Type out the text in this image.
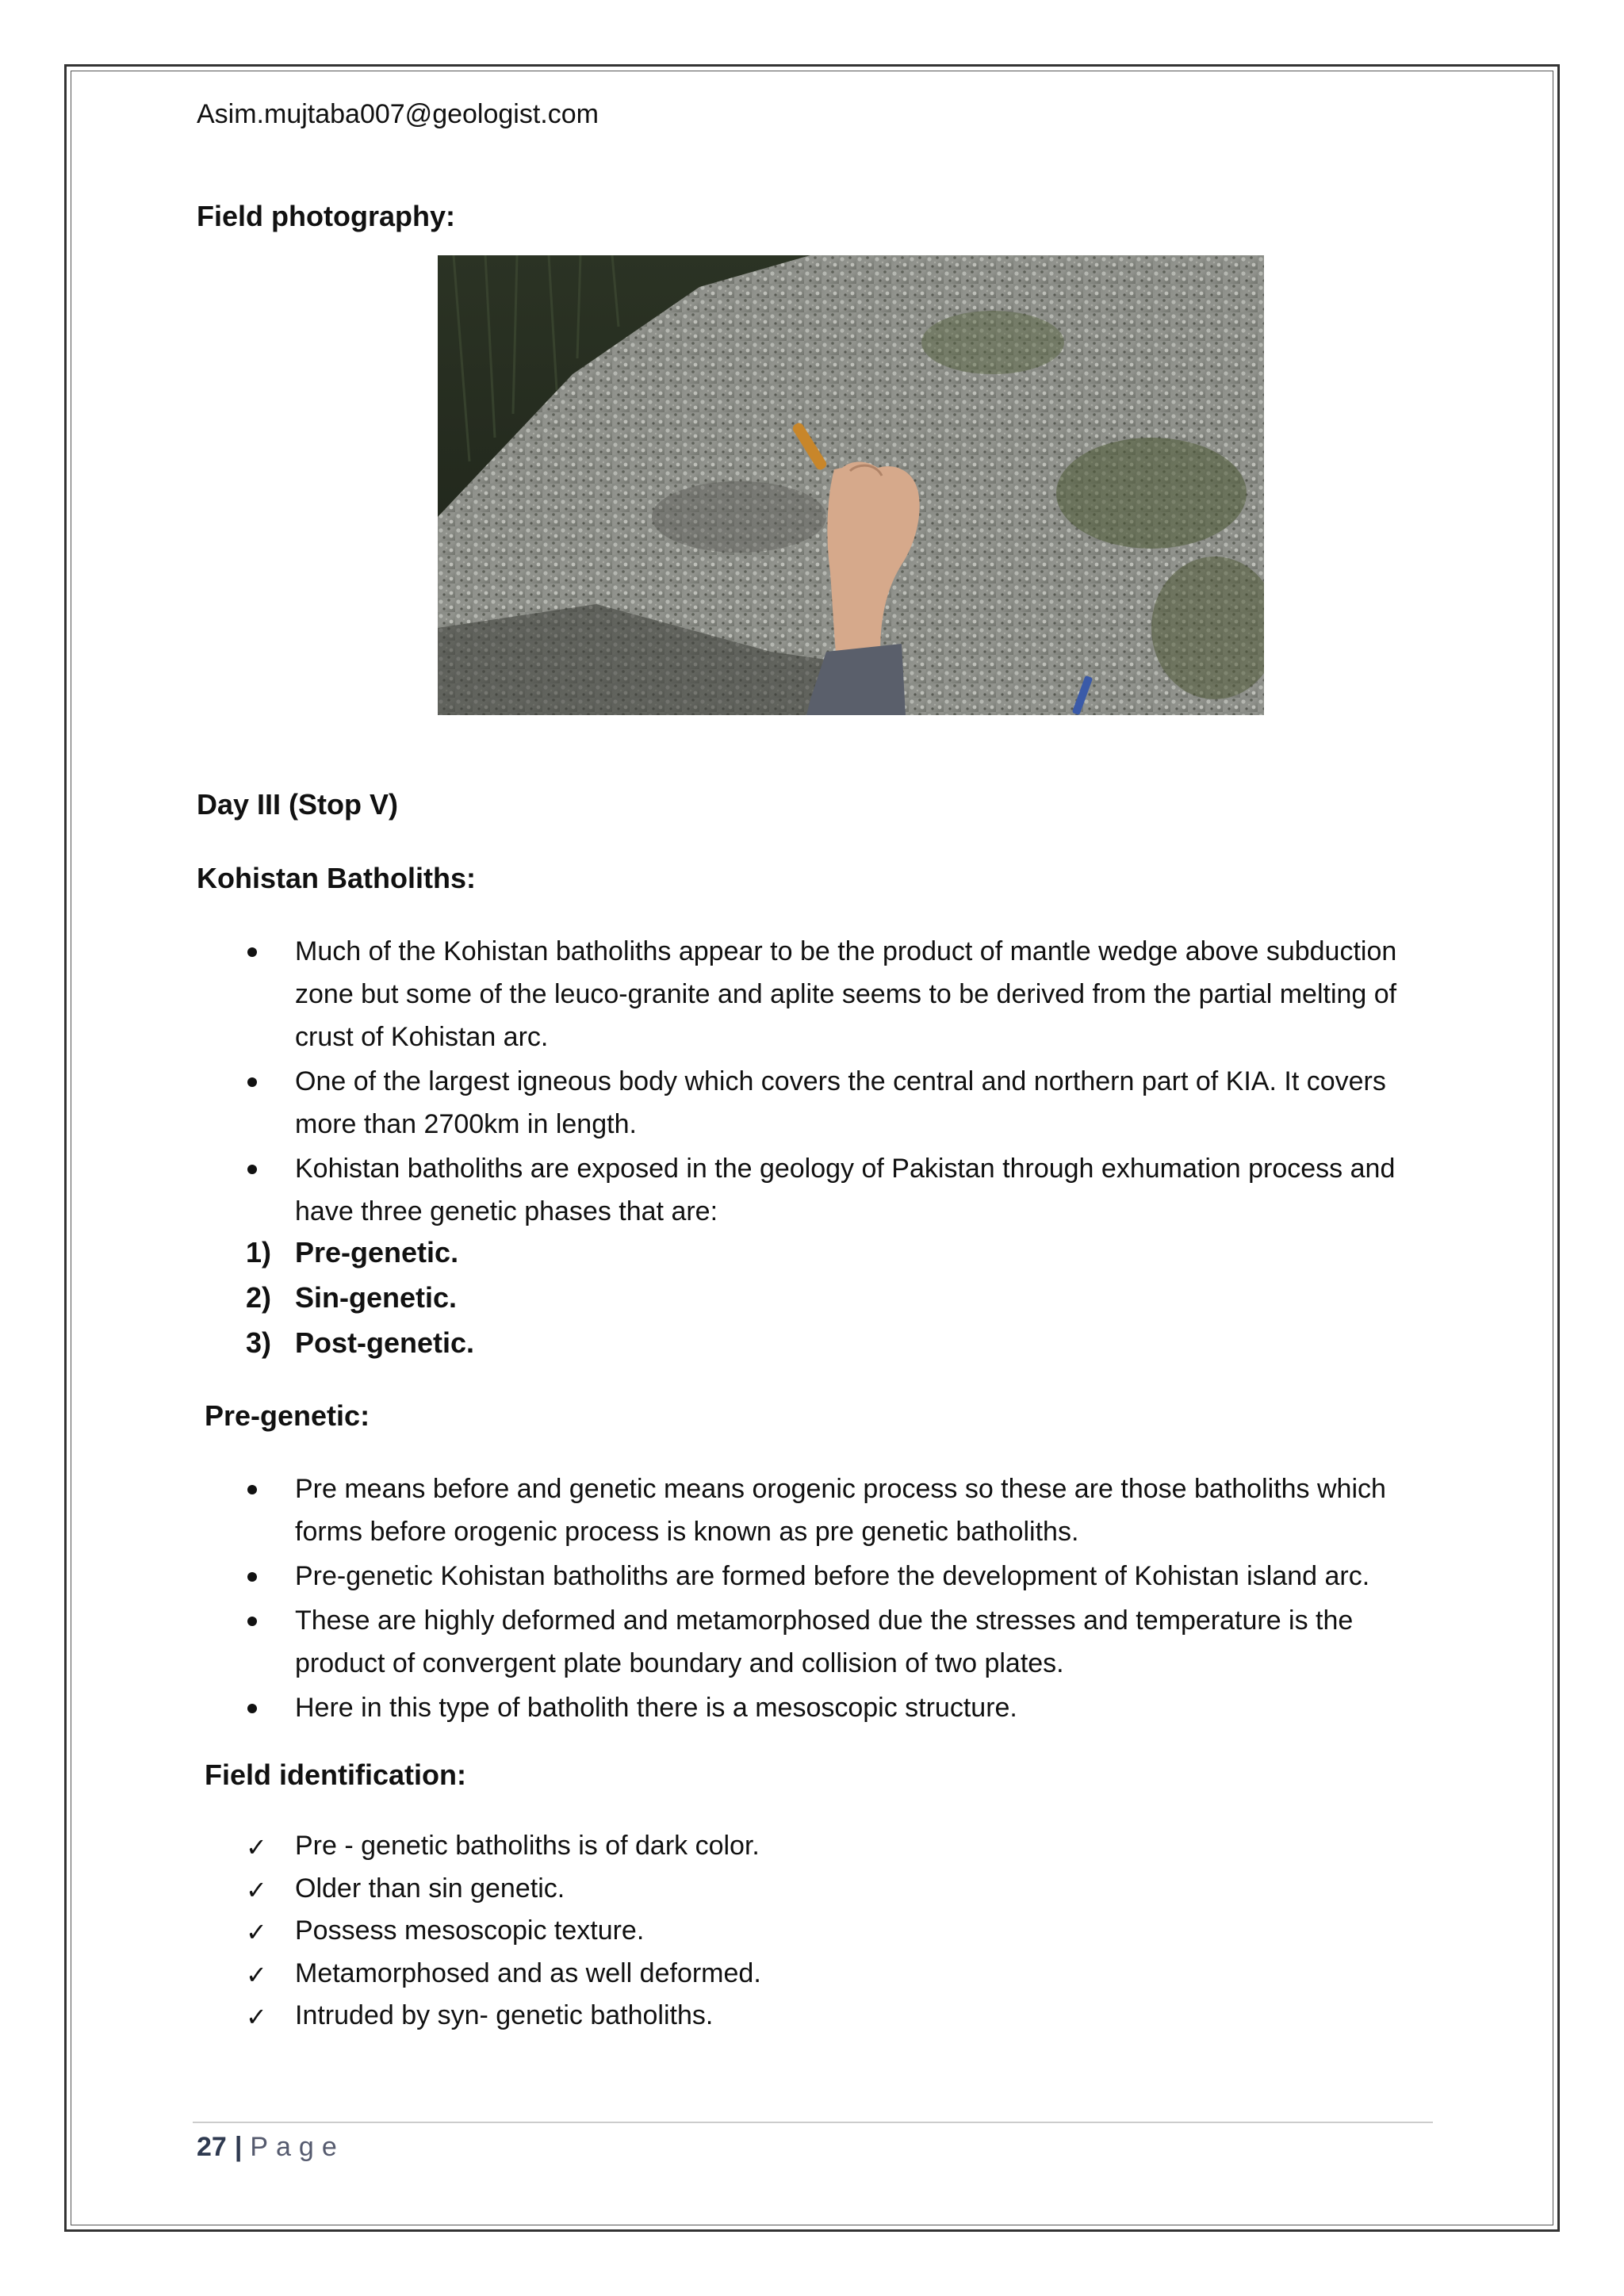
Asim.mujtaba007@geologist.com
Field photography:
Day III (Stop V)
Kohistan Batholiths:
Much of the Kohistan batholiths appear to be the product of mantle wedge above subduction zone but some of the leuco-granite and aplite seems to be derived from the partial melting of crust of Kohistan arc.
One of the largest igneous body which covers the central and northern part of KIA. It covers more than 2700km in length.
Kohistan batholiths are exposed in the geology of Pakistan through exhumation process and have three genetic phases that are:
1) Pre-genetic.
2) Sin-genetic.
3) Post-genetic.
Pre-genetic:
Pre means before and genetic means orogenic process so these are those batholiths which forms before orogenic process is known as pre genetic batholiths.
Pre-genetic Kohistan batholiths are formed before the development of Kohistan island arc.
These are highly deformed and metamorphosed due the stresses and temperature is the product of convergent plate boundary and collision of two plates.
Here in this type of batholith there is a mesoscopic structure.
Field identification:
✓ Pre - genetic batholiths is of dark color.
✓ Older than sin genetic.
✓ Possess mesoscopic texture.
✓ Metamorphosed and as well deformed.
✓ Intruded by syn- genetic batholiths.
27 | Page
